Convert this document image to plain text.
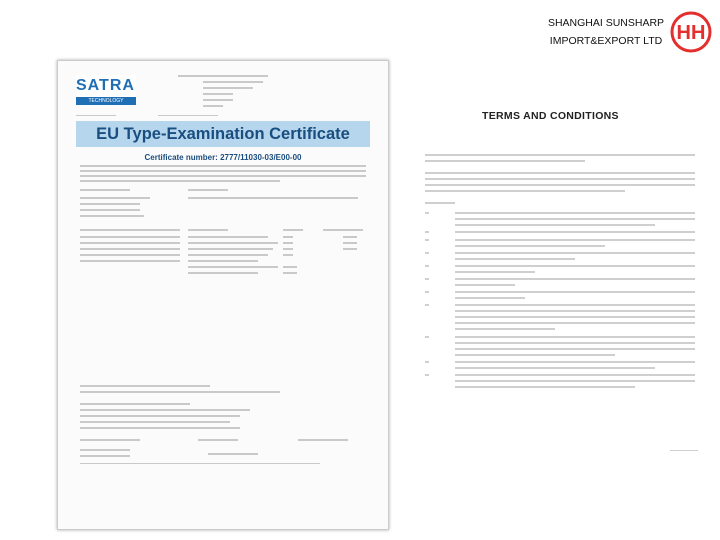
SHANGHAI SUNSHARP
IMPORT&EXPORT LTD HH
SATRA
TECHNOLOGY
EU Type-Examination Certificate
Certificate number: 2777/11030-03/E00-00
TERMS AND CONDITIONS
